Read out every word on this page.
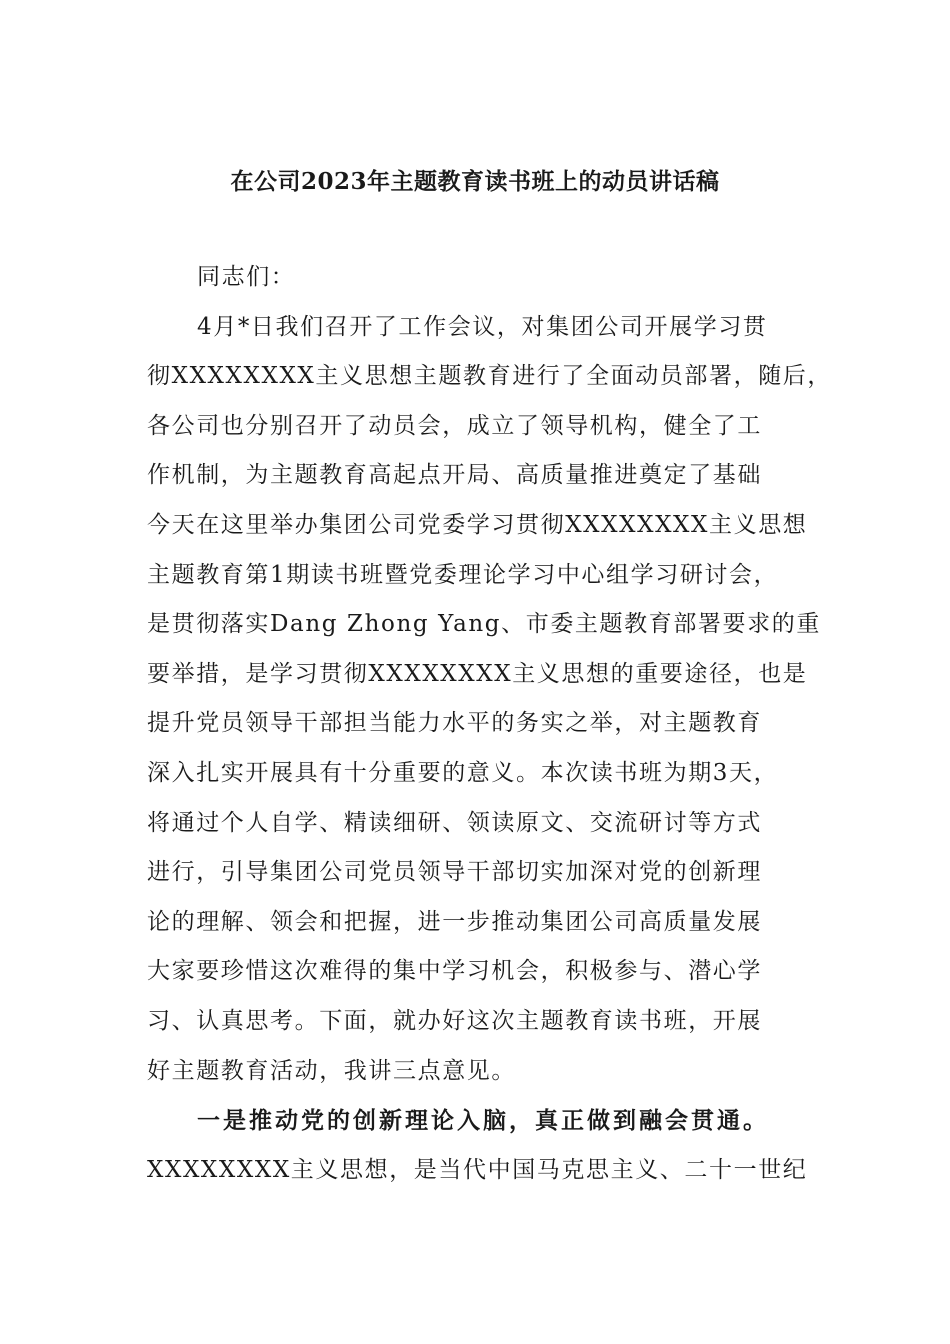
在公司2023年主题教育读书班上的动员讲话稿
同志们：
4月*日我们召开了工作会议，对集团公司开展学习贯
彻XXXXXXXX主义思想主题教育进行了全面动员部署，随后，
各公司也分别召开了动员会，成立了领导机构，健全了工
作机制，为主题教育高起点开局、高质量推进奠定了基础
今天在这里举办集团公司党委学习贯彻XXXXXXXX主义思想
主题教育第1期读书班暨党委理论学习中心组学习研讨会，
是贯彻落实Dang Zhong Yang、市委主题教育部署要求的重
要举措，是学习贯彻XXXXXXXX主义思想的重要途径，也是
提升党员领导干部担当能力水平的务实之举，对主题教育
深入扎实开展具有十分重要的意义。本次读书班为期3天，
将通过个人自学、精读细研、领读原文、交流研讨等方式
进行，引导集团公司党员领导干部切实加深对党的创新理
论的理解、领会和把握，进一步推动集团公司高质量发展
大家要珍惜这次难得的集中学习机会，积极参与、潜心学
习、认真思考。下面，就办好这次主题教育读书班，开展
好主题教育活动，我讲三点意见。
一是推动党的创新理论入脑，真正做到融会贯通。
XXXXXXXX主义思想，是当代中国马克思主义、二十一世纪
